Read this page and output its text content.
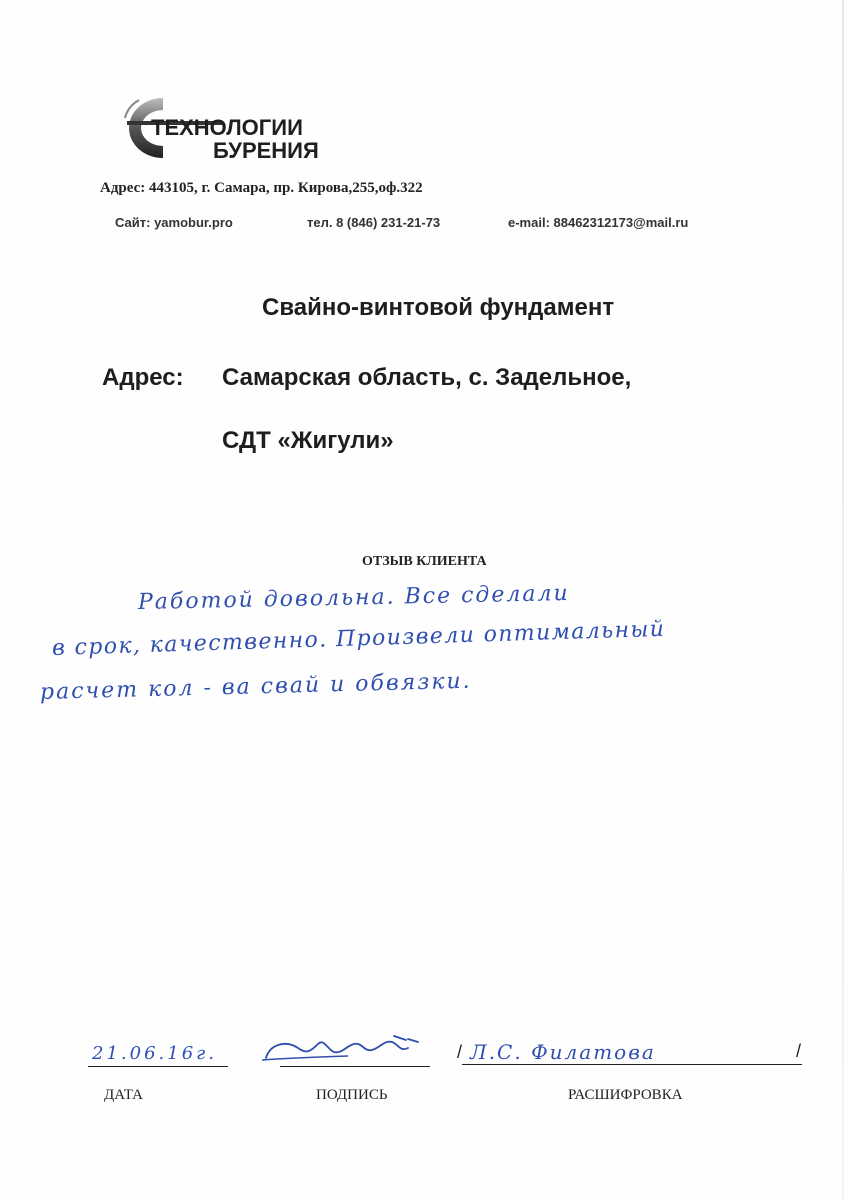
ТЕХНОЛОГИИ
БУРЕНИЯ
Адрес: 443105, г. Самара, пр. Кирова,255,оф.322
Сайт: yamobur.pro	тел. 8 (846) 231-21-73	e-mail: 88462312173@mail.ru
Свайно-винтовой фундамент
Адрес: Самарская область, с. Задельное,
СДТ «Жигули»
ОТЗЫВ КЛИЕНТА
Работой довольна. Все сделали
в срок, качественно. Произвели оптимальный
расчет кол - ва свай и обвязки.
21.06.16г.	Л.С. Филатова
/	/
ДАТА	ПОДПИСЬ	РАСШИФРОВКА
